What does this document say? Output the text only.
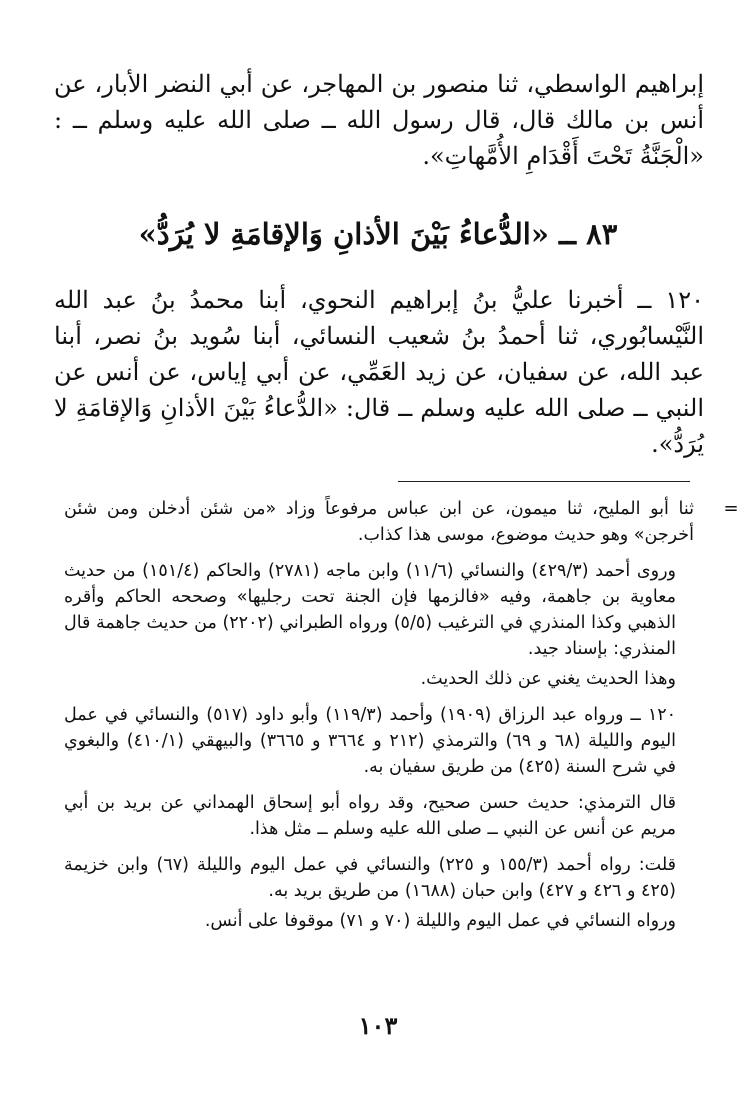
إبراهيم الواسطي، ثنا منصور بن المهاجر، عن أبي النضر الأبار، عن أنس بن مالك قال، قال رسول الله ــ صلى الله عليه وسلم ــ : «الْجَنَّةُ تَحْتَ أَقْدَامِ الأُمَّهاتِ».

٨٣ ــ «الدُّعاءُ بَيْنَ الأذانِ وَالإقامَةِ لا يُرَدُّ»

١٢٠ ــ أخبرنا عليُّ بنُ إبراهيم النحوي، أبنا محمدُ بنُ عبد الله النَّيْسابُوري، ثنا أحمدُ بنُ شعيب النسائي، أبنا سُويد بنُ نصر، أبنا عبد الله، عن سفيان، عن زيد العَمِّي، عن أبي إياس، عن أنس عن النبي ــ صلى الله عليه وسلم ــ قال: «الدُّعاءُ بَيْنَ الأذانِ وَالإقامَةِ لا يُرَدُّ».

=
ثنا أبو المليح، ثنا ميمون، عن ابن عباس مرفوعاً وزاد «من شئن أدخلن ومن شئن أخرجن» وهو حديث موضوع، موسى هذا كذاب.

وروى أحمد (٤٢٩/٣) والنسائي (١١/٦) وابن ماجه (٢٧٨١) والحاكم (١٥١/٤) من حديث معاوية بن جاهمة، وفيه «فالزمها فإن الجنة تحت رجليها» وصححه الحاكم وأقره الذهبي وكذا المنذري في الترغيب (٥/٥) ورواه الطبراني (٢٢٠٢) من حديث جاهمة قال المنذري: بإسناد جيد.

وهذا الحديث يغني عن ذلك الحديث.

١٢٠ ــ ورواه عبد الرزاق (١٩٠٩) وأحمد (١١٩/٣) وأبو داود (٥١٧) والنسائي في عمل اليوم والليلة (٦٨ و ٦٩) والترمذي (٢١٢ و ٣٦٦٤ و ٣٦٦٥) والبيهقي (٤١٠/١) والبغوي في شرح السنة (٤٢٥) من طريق سفيان به.

قال الترمذي: حديث حسن صحيح، وقد رواه أبو إسحاق الهمداني عن بريد بن أبي مريم عن أنس عن النبي ــ صلى الله عليه وسلم ــ مثل هذا.

قلت: رواه أحمد (١٥٥/٣ و ٢٢٥) والنسائي في عمل اليوم والليلة (٦٧) وابن خزيمة (٤٢٥ و ٤٢٦ و ٤٢٧) وابن حبان (١٦٨٨) من طريق بريد به.

ورواه النسائي في عمل اليوم والليلة (٧٠ و ٧١) موقوفا على أنس.

١٠٣
